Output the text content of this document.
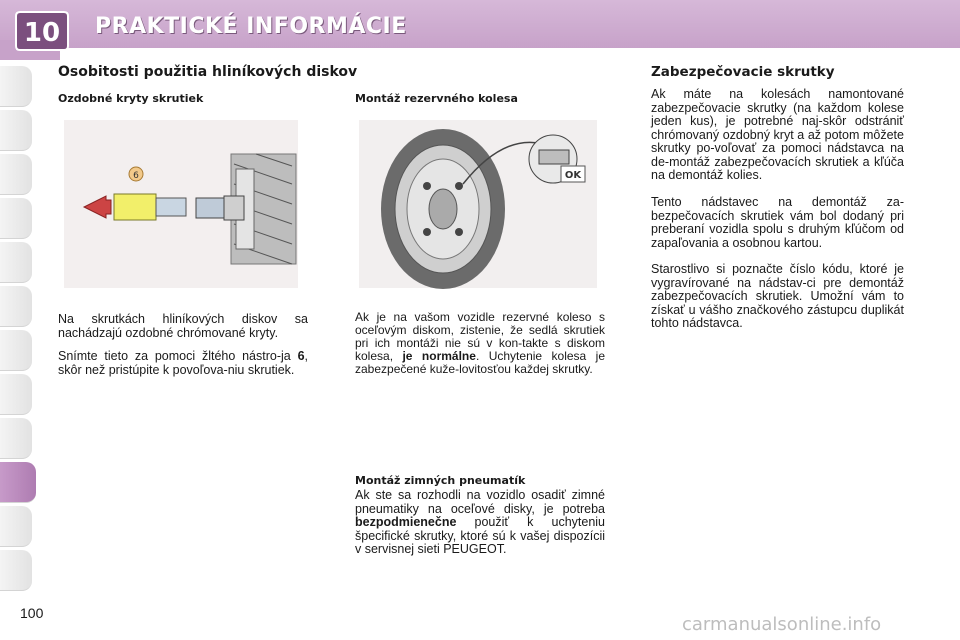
10 PRAKTICKÉ INFORMÁCIE
Osobitosti použitia hliníkových diskov
Ozdobné kryty skrutiek
6

Na skrutkách hliníkových diskov sa nachádzajú ozdobné chrómované kryty.

Snímte tieto za pomoci žltého nástro-ja 6, skôr než pristúpite k povoľova-niu skrutiek.

Montáž rezervného kolesa
OK

Ak je na vašom vozidle rezervné koleso s oceľovým diskom, zistenie, že sedlá skrutiek pri ich montáži nie sú v kon-takte s diskom kolesa, je normálne. Uchytenie kolesa je zabezpečené kuže-lovitosťou každej skrutky.

Montáž zimných pneumatík

Ak ste sa rozhodli na vozidlo osadiť zimné pneumatiky na oceľové disky, je potreba bezpodmienečne použiť k uchyteniu špecifické skrutky, ktoré sú k vašej dispozícii v servisnej sieti PEUGEOT.

Zabezpečovacie skrutky

Ak máte na kolesách namontované zabezpečovacie skrutky (na každom kolese jeden kus), je potrebné naj-skôr odstrániť chrómovaný ozdobný kryt a až potom môžete skrutky po-voľovať za pomoci nádstavca na de-montáž zabezpečovacích skrutiek a kľúča na demontáž kolies.

Tento nádstavec na demontáž za-bezpečovacích skrutiek vám bol dodaný pri preberaní vozidla spolu s druhým kľúčom od zapaľovania a osobnou kartou.

Starostlivo si poznačte číslo kódu, ktoré je vygravírované na nádstav-ci pre demontáž zabezpečovacích skrutiek. Umožní vám to získať u vášho značkového zástupcu duplikát tohto nádstavca.

100
carmanualsonline.info
